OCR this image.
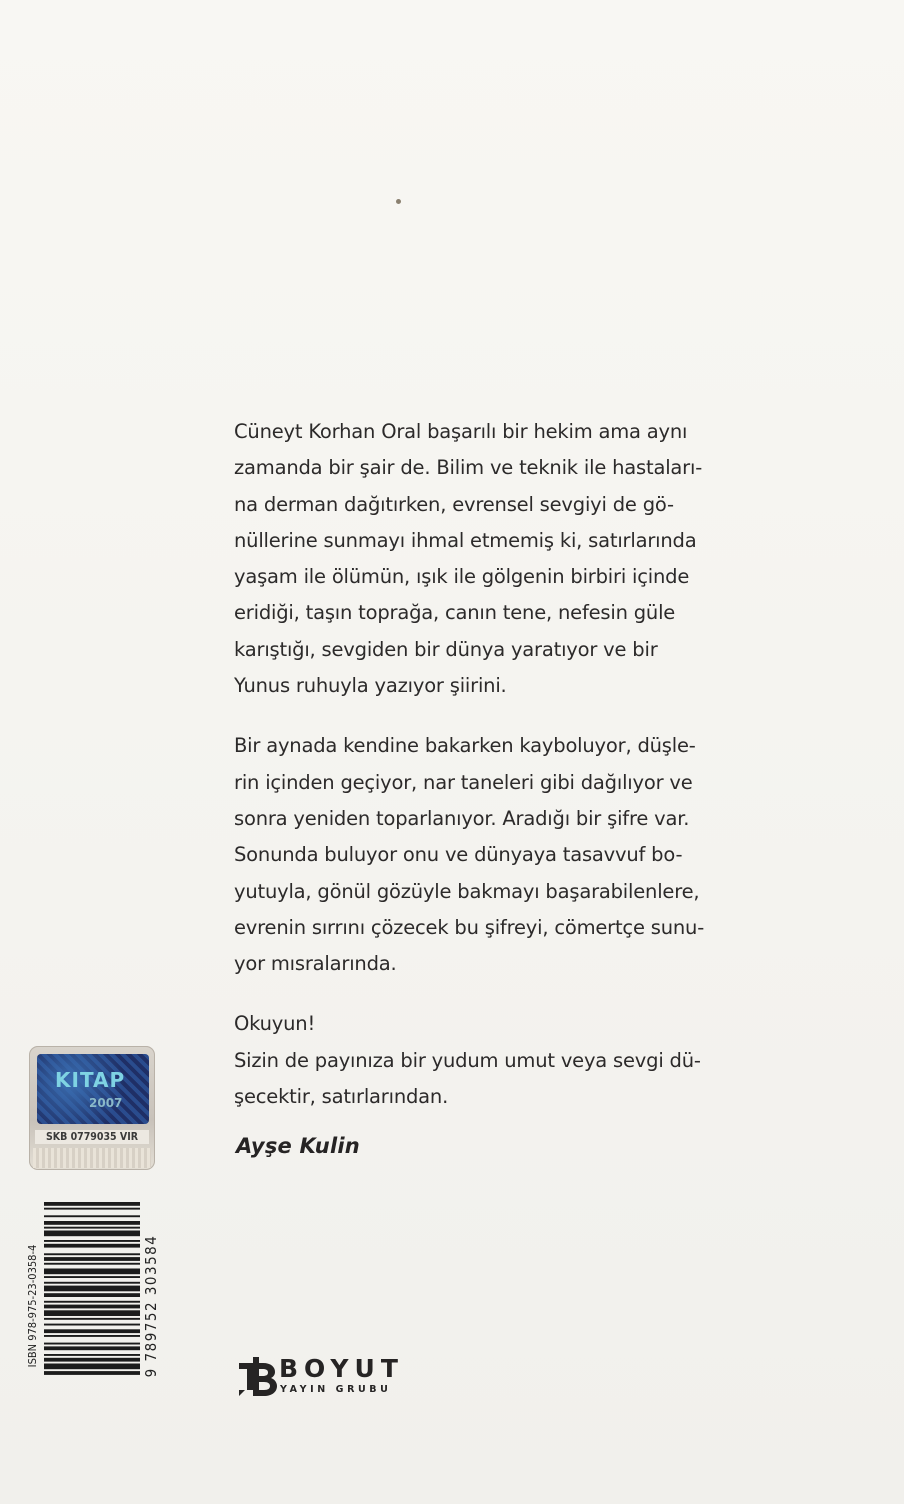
Cüneyt Korhan Oral başarılı bir hekim ama aynı
zamanda bir şair de. Bilim ve teknik ile hastaları-
na derman dağıtırken, evrensel sevgiyi de gö-
nüllerine sunmayı ihmal etmemiş ki, satırlarında
yaşam ile ölümün, ışık ile gölgenin birbiri içinde
eridiği, taşın toprağa, canın tene, nefesin güle
karıştığı, sevgiden bir dünya yaratıyor ve bir
Yunus ruhuyla yazıyor şiirini.

Bir aynada kendine bakarken kayboluyor, düşle-
rin içinden geçiyor, nar taneleri gibi dağılıyor ve
sonra yeniden toparlanıyor. Aradığı bir şifre var.
Sonunda buluyor onu ve dünyaya tasavvuf bo-
yutuyla, gönül gözüyle bakmayı başarabilenlere,
evrenin sırrını çözecek bu şifreyi, cömertçe sunu-
yor mısralarında.

Okuyun!
Sizin de payınıza bir yudum umut veya sevgi dü-
şecektir, satırlarından.

Ayşe Kulin
KITAP
2007
SKB 0779035 VIR
ISBN 978-975-23-0358-4	9 789752 303584	BOYUT
YAYIN GRUBU
